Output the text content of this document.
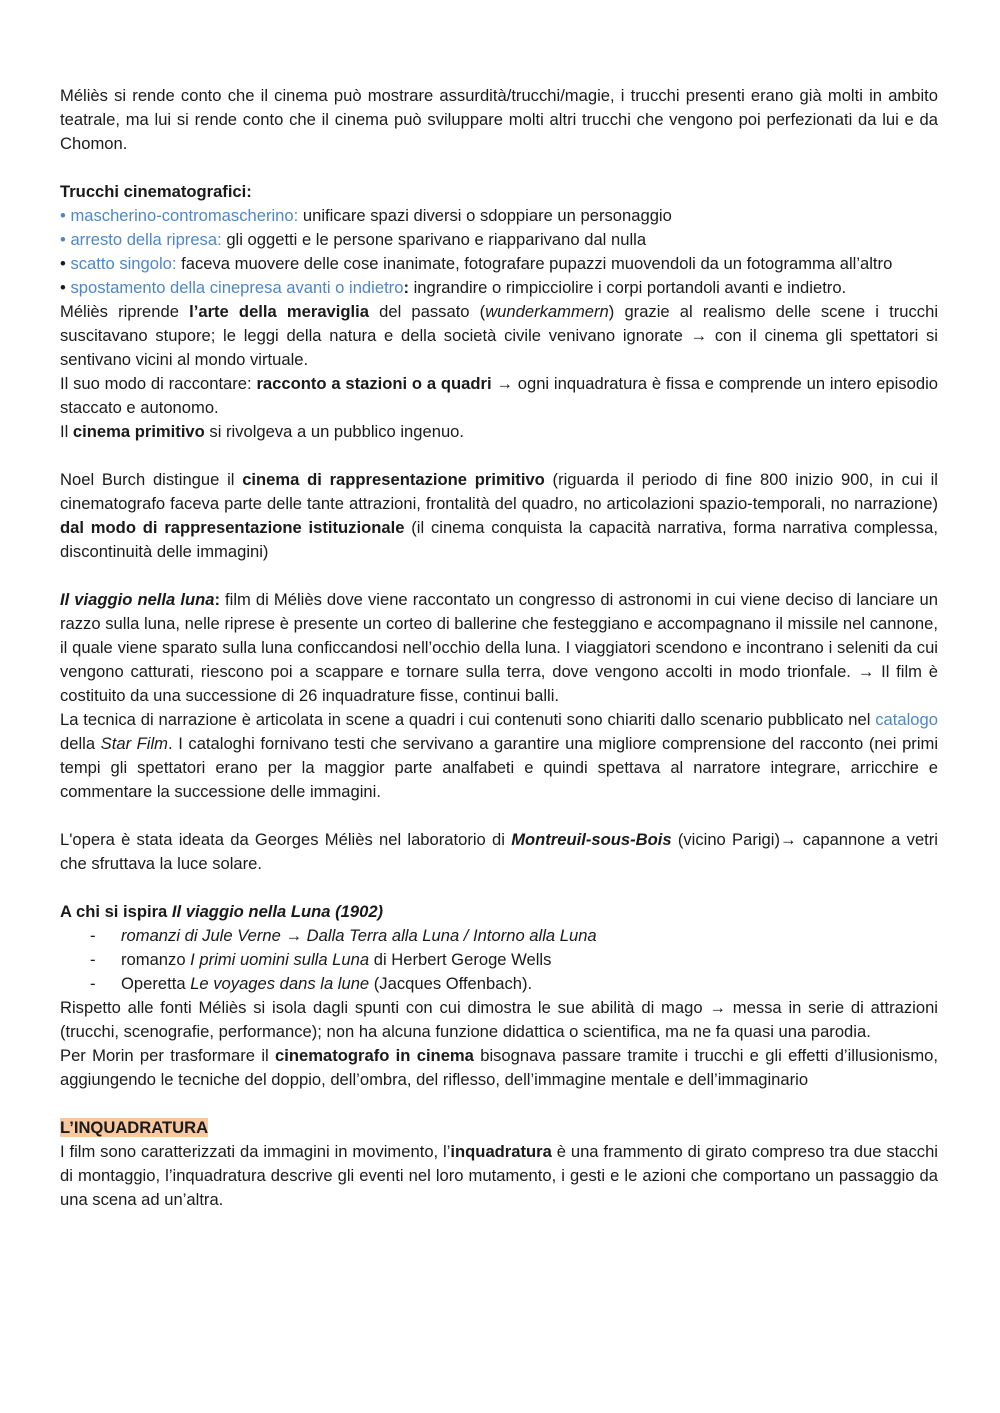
Méliès si rende conto che il cinema può mostrare assurdità/trucchi/magie, i trucchi presenti erano già molti in ambito teatrale, ma lui si rende conto che il cinema può sviluppare molti altri trucchi che vengono poi perfezionati da lui e da Chomon.

Trucchi cinematografici:

• mascherino-contromascherino: unificare spazi diversi o sdoppiare un personaggio

• arresto della ripresa: gli oggetti e le persone sparivano e riapparivano dal nulla

• scatto singolo: faceva muovere delle cose inanimate, fotografare pupazzi muovendoli da un fotogramma all’altro

• spostamento della cinepresa avanti o indietro: ingrandire o rimpicciolire i corpi portandoli avanti e indietro.

Méliès riprende l’arte della meraviglia del passato (wunderkammern) grazie al realismo delle scene i trucchi suscitavano stupore; le leggi della natura e della società civile venivano ignorate → con il cinema gli spettatori si sentivano vicini al mondo virtuale.

Il suo modo di raccontare: racconto a stazioni o a quadri → ogni inquadratura è fissa e comprende un intero episodio staccato e autonomo.

Il cinema primitivo si rivolgeva a un pubblico ingenuo.

Noel Burch distingue il cinema di rappresentazione primitivo (riguarda il periodo di fine 800 inizio 900, in cui il cinematografo faceva parte delle tante attrazioni, frontalità del quadro, no articolazioni spazio-temporali, no narrazione) dal modo di rappresentazione istituzionale (il cinema conquista la capacità narrativa, forma narrativa complessa, discontinuità delle immagini)

Il viaggio nella luna: film di Méliès dove viene raccontato un congresso di astronomi in cui viene deciso di lanciare un razzo sulla luna, nelle riprese è presente un corteo di ballerine che festeggiano e accompagnano il missile nel cannone, il quale viene sparato sulla luna conficcandosi nell’occhio della luna. I viaggiatori scendono e incontrano i seleniti da cui vengono catturati, riescono poi a scappare e tornare sulla terra, dove vengono accolti in modo trionfale. → Il film è costituito da una successione di 26 inquadrature fisse, continui balli.

La tecnica di narrazione è articolata in scene a quadri i cui contenuti sono chiariti dallo scenario pubblicato nel catalogo della Star Film. I cataloghi fornivano testi che servivano a garantire una migliore comprensione del racconto (nei primi tempi gli spettatori erano per la maggior parte analfabeti e quindi spettava al narratore integrare, arricchire e commentare la successione delle immagini.

L'opera è stata ideata da Georges Méliès nel laboratorio di Montreuil-sous-Bois (vicino Parigi)→ capannone a vetri che sfruttava la luce solare.

A chi si ispira Il viaggio nella Luna (1902)

- romanzi di Jule Verne → Dalla Terra alla Luna / Intorno alla Luna
- romanzo I primi uomini sulla Luna di Herbert Geroge Wells
- Operetta Le voyages dans la lune (Jacques Offenbach).

Rispetto alle fonti Méliès si isola dagli spunti con cui dimostra le sue abilità di mago → messa in serie di attrazioni (trucchi, scenografie, performance); non ha alcuna funzione didattica o scientifica, ma ne fa quasi una parodia.

Per Morin per trasformare il cinematografo in cinema bisognava passare tramite i trucchi e gli effetti d’illusionismo, aggiungendo le tecniche del doppio, dell’ombra, del riflesso, dell’immagine mentale e dell’immaginario

L’INQUADRATURA

I film sono caratterizzati da immagini in movimento, l’inquadratura è una frammento di girato compreso tra due stacchi di montaggio, l’inquadratura descrive gli eventi nel loro mutamento, i gesti e le azioni che comportano un passaggio da una scena ad un’altra.
